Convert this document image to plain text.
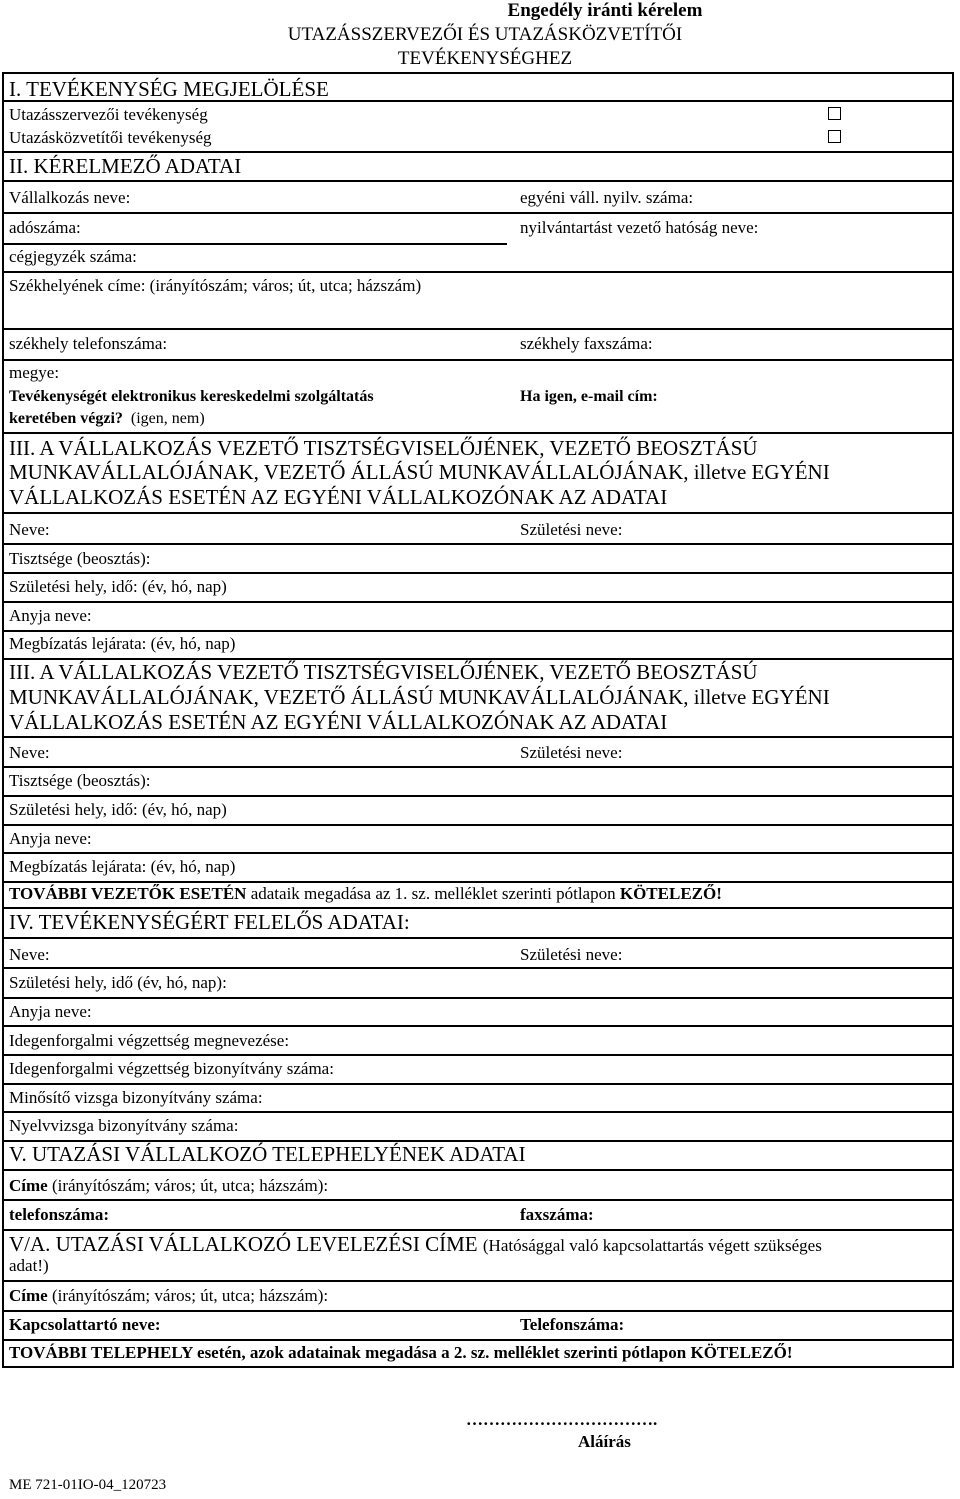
Engedély iránti kérelem
UTAZÁSSZERVEZŐI ÉS UTAZÁSKÖZVETÍTŐI
TEVÉKENYSÉGHEZ
I. TEVÉKENYSÉG MEGJELÖLÉSE
Utazásszervezői tevékenység
Utazásközvetítői tevékenység
II. KÉRELMEZŐ ADATAI
Vállalkozás neve:	egyéni váll. nyilv. száma:
adószáma:	nyilvántartást vezető hatóság neve:
cégjegyzék száma:
Székhelyének címe: (irányítószám; város; út, utca; házszám)
székhely telefonszáma:	székhely faxszáma:
megye:
Tevékenységét elektronikus kereskedelmi szolgáltatás
keretében végzi? (igen, nem)
Ha igen, e-mail cím:
III. A VÁLLALKOZÁS VEZETŐ TISZTSÉGVISELŐJÉNEK, VEZETŐ BEOSZTÁSÚ
MUNKAVÁLLALÓJÁNAK, VEZETŐ ÁLLÁSÚ MUNKAVÁLLALÓJÁNAK, illetve EGYÉNI
VÁLLALKOZÁS ESETÉN AZ EGYÉNI VÁLLALKOZÓNAK AZ ADATAI
Neve:	Születési neve:
Tisztsége (beosztás):
Születési hely, idő: (év, hó, nap)
Anyja neve:
Megbízatás lejárata: (év, hó, nap)
III. A VÁLLALKOZÁS VEZETŐ TISZTSÉGVISELŐJÉNEK, VEZETŐ BEOSZTÁSÚ
MUNKAVÁLLALÓJÁNAK, VEZETŐ ÁLLÁSÚ MUNKAVÁLLALÓJÁNAK, illetve EGYÉNI
VÁLLALKOZÁS ESETÉN AZ EGYÉNI VÁLLALKOZÓNAK AZ ADATAI
Neve:	Születési neve:
Tisztsége (beosztás):
Születési hely, idő: (év, hó, nap)
Anyja neve:
Megbízatás lejárata: (év, hó, nap)
TOVÁBBI VEZETŐK ESETÉN adataik megadása az 1. sz. melléklet szerinti pótlapon KÖTELEZŐ!
IV. TEVÉKENYSÉGÉRT FELELŐS ADATAI:
Neve:	Születési neve:
Születési hely, idő (év, hó, nap):
Anyja neve:
Idegenforgalmi végzettség megnevezése:
Idegenforgalmi végzettség bizonyítvány száma:
Minősítő vizsga bizonyítvány száma:
Nyelvvizsga bizonyítvány száma:
V. UTAZÁSI VÁLLALKOZÓ TELEPHELYÉNEK ADATAI
Címe (irányítószám; város; út, utca; házszám):
telefonszáma:	faxszáma:
V/A. UTAZÁSI VÁLLALKOZÓ LEVELEZÉSI CÍME (Hatósággal való kapcsolattartás végett szükséges
adat!)
Címe (irányítószám; város; út, utca; házszám):
Kapcsolattartó neve:	Telefonszáma:
TOVÁBBI TELEPHELY esetén, azok adatainak megadása a 2. sz. melléklet szerinti pótlapon KÖTELEZŐ!
…………………………….
Aláírás
ME 721-01IO-04_120723
